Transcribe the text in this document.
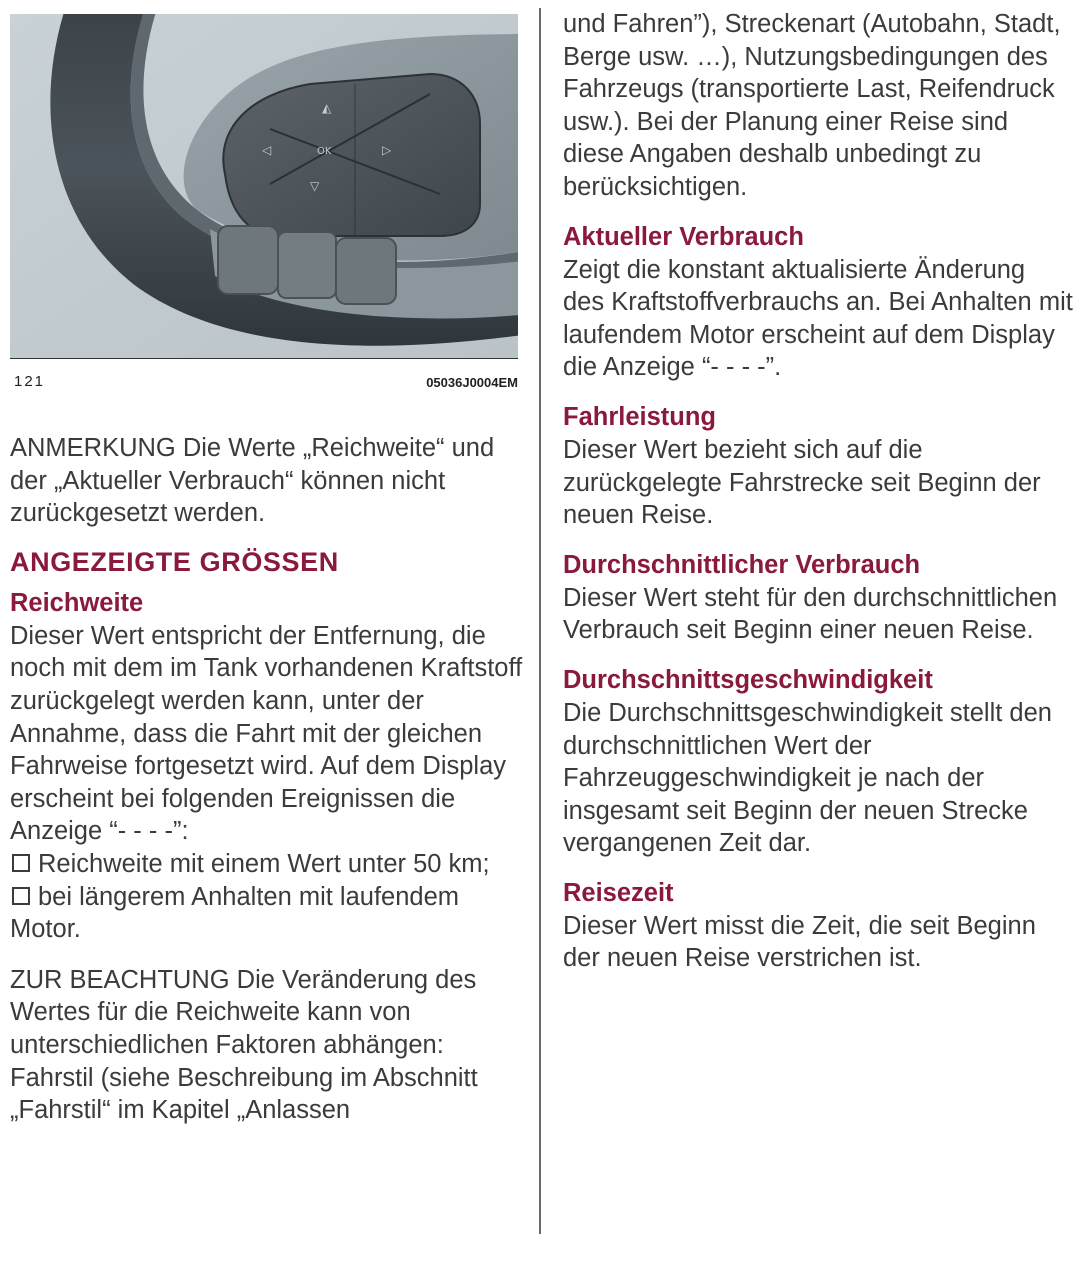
◭
◁	OK	▷
▽
121	05036J0004EM

ANMERKUNG Die Werte „Reichweite“ und der „Aktueller Verbrauch“ können nicht zurückgesetzt werden.

ANGEZEIGTE GRÖSSEN
Reichweite

Dieser Wert entspricht der Entfernung, die noch mit dem im Tank vorhandenen Kraftstoff zurückgelegt werden kann, unter der Annahme, dass die Fahrt mit der gleichen Fahrweise fortgesetzt wird. Auf dem Display erscheint bei folgenden Ereignissen die Anzeige “- - - -”:

Reichweite mit einem Wert unter 50 km;
bei längerem Anhalten mit laufendem Motor.

ZUR BEACHTUNG Die Veränderung des Wertes für die Reichweite kann von unterschiedlichen Faktoren abhängen: Fahrstil (siehe Beschreibung im Abschnitt „Fahrstil“ im Kapitel „Anlassen

und Fahren”), Streckenart (Autobahn, Stadt, Berge usw. …), Nutzungsbedingungen des Fahrzeugs (transportierte Last, Reifendruck usw.). Bei der Planung einer Reise sind diese Angaben deshalb unbedingt zu berücksichtigen.

Aktueller Verbrauch

Zeigt die konstant aktualisierte Änderung des Kraftstoffverbrauchs an. Bei Anhalten mit laufendem Motor erscheint auf dem Display die Anzeige “- - - -”.

Fahrleistung

Dieser Wert bezieht sich auf die zurückgelegte Fahrstrecke seit Beginn der neuen Reise.

Durchschnittlicher Verbrauch

Dieser Wert steht für den durchschnittlichen Verbrauch seit Beginn einer neuen Reise.

Durchschnittsgeschwindigkeit

Die Durchschnittsgeschwindigkeit stellt den durchschnittlichen Wert der Fahrzeuggeschwindigkeit je nach der insgesamt seit Beginn der neuen Strecke vergangenen Zeit dar.

Reisezeit

Dieser Wert misst die Zeit, die seit Beginn der neuen Reise verstrichen ist.
